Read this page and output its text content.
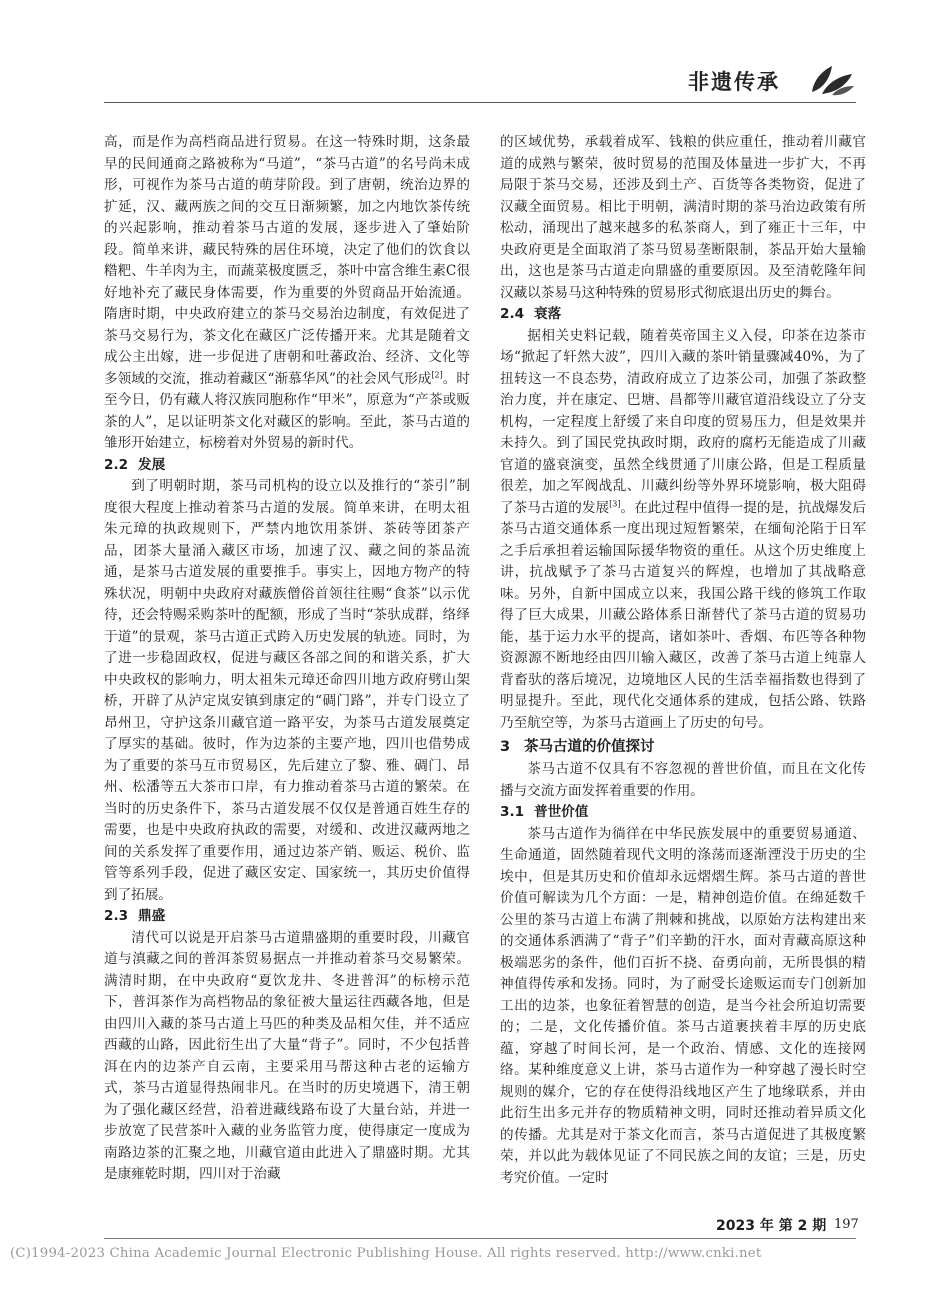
非遗传承

高，而是作为高档商品进行贸易。在这一特殊时期，这条最早的民间通商之路被称为“马道”，“茶马古道”的名号尚未成形，可视作为茶马古道的萌芽阶段。到了唐朝，统治边界的扩延，汉、藏两族之间的交互日渐频繁，加之内地饮茶传统的兴起影响，推动着茶马古道的发展，逐步进入了肇始阶段。简单来讲，藏民特殊的居住环境，决定了他们的饮食以糌粑、牛羊肉为主，而蔬菜极度匮乏，茶叶中富含维生素C很好地补充了藏民身体需要，作为重要的外贸商品开始流通。隋唐时期，中央政府建立的茶马交易治边制度，有效促进了茶马交易行为，茶文化在藏区广泛传播开来。尤其是随着文成公主出嫁，进一步促进了唐朝和吐蕃政治、经济、文化等多领域的交流，推动着藏区“渐慕华风”的社会风气形成[2]。时至今日，仍有藏人将汉族同胞称作“甲米”，原意为“产茶或贩茶的人”，足以证明茶文化对藏区的影响。至此，茶马古道的雏形开始建立，标榜着对外贸易的新时代。

2.2 发展

到了明朝时期，茶马司机构的设立以及推行的“茶引”制度很大程度上推动着茶马古道的发展。简单来讲，在明太祖朱元璋的执政规则下，严禁内地饮用茶饼、茶砖等团茶产品，团茶大量涌入藏区市场，加速了汉、藏之间的茶品流通，是茶马古道发展的重要推手。事实上，因地方物产的特殊状况，明朝中央政府对藏族僧俗首领往往赐“食茶”以示优待，还会特赐采购茶叶的配额，形成了当时“茶驮成群，络绎于道”的景观，茶马古道正式跨入历史发展的轨迹。同时，为了进一步稳固政权，促进与藏区各部之间的和谐关系，扩大中央政权的影响力，明太祖朱元璋还命四川地方政府劈山架桥，开辟了从泸定岚安镇到康定的“碉门路”，并专门设立了昂州卫，守护这条川藏官道一路平安，为茶马古道发展奠定了厚实的基础。彼时，作为边茶的主要产地，四川也借势成为了重要的茶马互市贸易区，先后建立了黎、雅、碉门、昂州、松潘等五大茶市口岸，有力推动着茶马古道的繁荣。在当时的历史条件下，茶马古道发展不仅仅是普通百姓生存的需要，也是中央政府执政的需要，对缓和、改进汉藏两地之间的关系发挥了重要作用，通过边茶产销、贩运、税价、监管等系列手段，促进了藏区安定、国家统一，其历史价值得到了拓展。

2.3 鼎盛

清代可以说是开启茶马古道鼎盛期的重要时段，川藏官道与滇藏之间的普洱茶贸易据点一并推动着茶马交易繁荣。满清时期，在中央政府“夏饮龙井、冬进普洱”的标榜示范下，普洱茶作为高档物品的象征被大量运往西藏各地，但是由四川入藏的茶马古道上马匹的种类及品相欠佳，并不适应西藏的山路，因此衍生出了大量“背子”。同时，不少包括普洱在内的边茶产自云南，主要采用马帮这种古老的运输方式，茶马古道显得热闹非凡。在当时的历史境遇下，清王朝为了强化藏区经营，沿着进藏线路布设了大量台站，并进一步放宽了民营茶叶入藏的业务监管力度，使得康定一度成为南路边茶的汇聚之地，川藏官道由此进入了鼎盛时期。尤其是康雍乾时期，四川对于治藏

的区域优势，承载着成军、钱粮的供应重任，推动着川藏官道的成熟与繁荣，彼时贸易的范围及体量进一步扩大，不再局限于茶马交易，还涉及到土产、百货等各类物资，促进了汉藏全面贸易。相比于明朝，满清时期的茶马治边政策有所松动，涌现出了越来越多的私茶商人，到了雍正十三年，中央政府更是全面取消了茶马贸易垄断限制，茶品开始大量输出，这也是茶马古道走向鼎盛的重要原因。及至清乾隆年间汉藏以茶易马这种特殊的贸易形式彻底退出历史的舞台。

2.4 衰落

据相关史料记载，随着英帝国主义入侵，印茶在边茶市场“掀起了轩然大波”，四川入藏的茶叶销量骤减40%，为了扭转这一不良态势，清政府成立了边茶公司，加强了茶政整治力度，并在康定、巴塘、昌都等川藏官道沿线设立了分支机构，一定程度上舒缓了来自印度的贸易压力，但是效果并未持久。到了国民党执政时期，政府的腐朽无能造成了川藏官道的盛衰演变，虽然全线贯通了川康公路，但是工程质量很差，加之军阀战乱、川藏纠纷等外界环境影响，极大阻碍了茶马古道的发展[3]。在此过程中值得一提的是，抗战爆发后茶马古道交通体系一度出现过短暂繁荣，在缅甸沦陷于日军之手后承担着运输国际援华物资的重任。从这个历史维度上讲，抗战赋予了茶马古道复兴的辉煌，也增加了其战略意味。另外，自新中国成立以来，我国公路干线的修筑工作取得了巨大成果，川藏公路体系日渐替代了茶马古道的贸易功能，基于运力水平的提高，诸如茶叶、香烟、布匹等各种物资源源不断地经由四川输入藏区，改善了茶马古道上纯靠人背畜驮的落后境况，边境地区人民的生活幸福指数也得到了明显提升。至此，现代化交通体系的建成，包括公路、铁路乃至航空等，为茶马古道画上了历史的句号。

3 茶马古道的价值探讨

茶马古道不仅具有不容忽视的普世价值，而且在文化传播与交流方面发挥着重要的作用。

3.1 普世价值

茶马古道作为徜徉在中华民族发展中的重要贸易通道、生命通道，固然随着现代文明的涤荡而逐渐湮没于历史的尘埃中，但是其历史和价值却永远熠熠生辉。茶马古道的普世价值可解读为几个方面：一是，精神创造价值。在绵延数千公里的茶马古道上布满了荆棘和挑战，以原始方法构建出来的交通体系洒满了“背子”们辛勤的汗水，面对青藏高原这种极端恶劣的条件，他们百折不挠、奋勇向前，无所畏惧的精神值得传承和发扬。同时，为了耐受长途贩运而专门创新加工出的边茶，也象征着智慧的创造，是当今社会所迫切需要的；二是，文化传播价值。茶马古道裹挟着丰厚的历史底蕴，穿越了时间长河，是一个政治、情感、文化的连接网络。某种维度意义上讲，茶马古道作为一种穿越了漫长时空规则的媒介，它的存在使得沿线地区产生了地缘联系，并由此衍生出多元并存的物质精神文明，同时还推动着异质文化的传播。尤其是对于茶文化而言，茶马古道促进了其极度繁荣，并以此为载体见证了不同民族之间的友谊；三是，历史考究价值。一定时

2023 年 第 2 期 197
(C)1994-2023 China Academic Journal Electronic Publishing House. All rights reserved. http://www.cnki.net
